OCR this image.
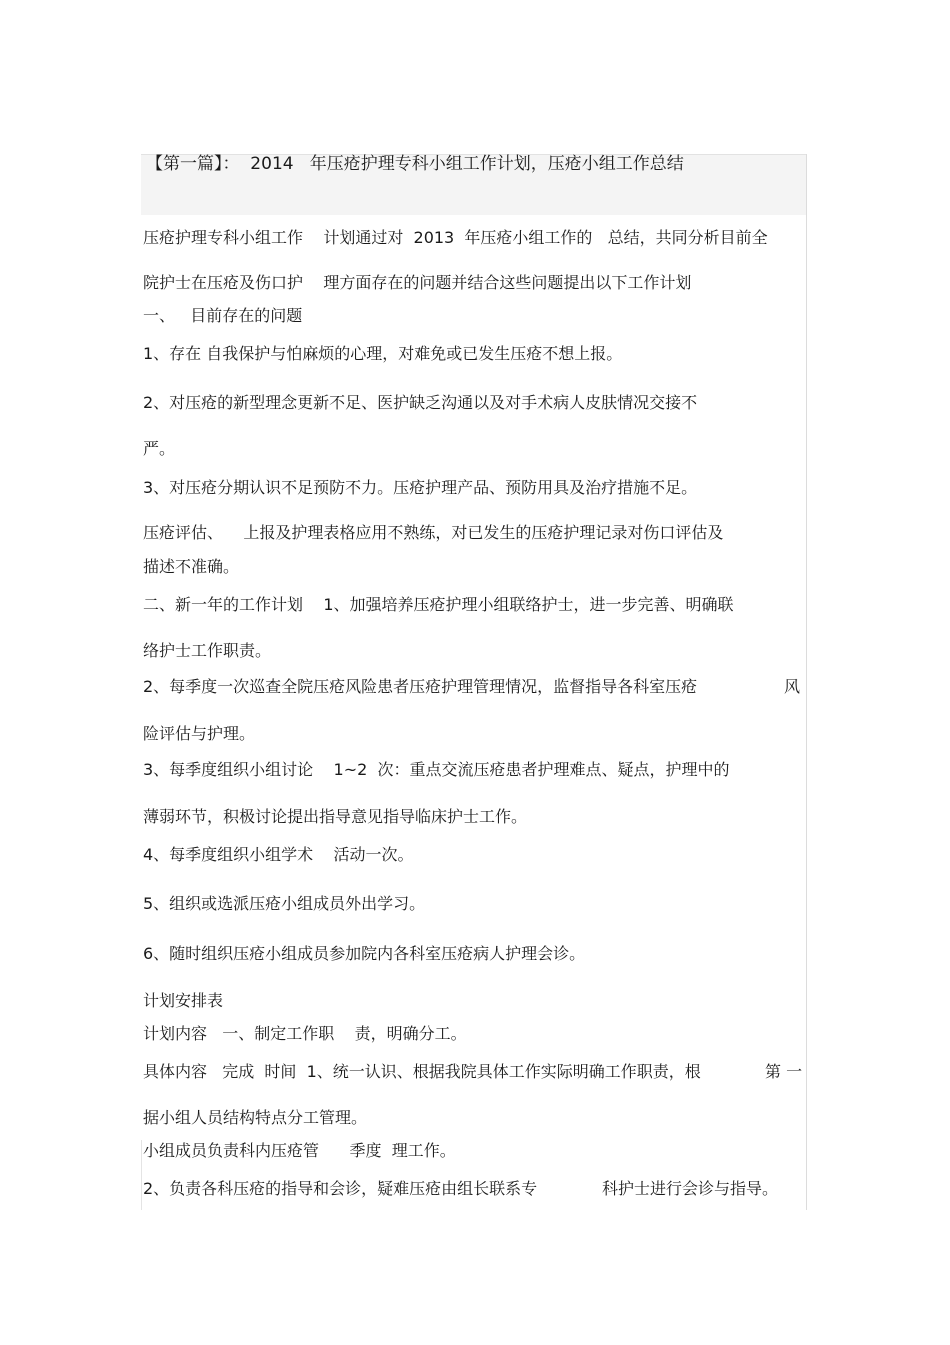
【第一篇】：  2014   年压疮护理专科小组工作计划，压疮小组工作总结
压疮护理专科小组工作    计划通过对  2013  年压疮小组工作的   总结，共同分析目前全
院护士在压疮及伤口护    理方面存在的问题并结合这些问题提出以下工作计划
一、   目前存在的问题
1、存在 自我保护与怕麻烦的心理，对难免或已发生压疮不想上报。
2、对压疮的新型理念更新不足、医护缺乏沟通以及对手术病人皮肤情况交接不
严。
3、对压疮分期认识不足预防不力。压疮护理产品、预防用具及治疗措施不足。
压疮评估、    上报及护理表格应用不熟练，对已发生的压疮护理记录对伤口评估及
描述不准确。
二、新一年的工作计划    1、加强培养压疮护理小组联络护士，进一步完善、明确联
络护士工作职责。
2、每季度一次巡查全院压疮风险患者压疮护理管理情况，监督指导各科室压疮	风
险评估与护理。
3、每季度组织小组讨论    1~2  次：重点交流压疮患者护理难点、疑点，护理中的
薄弱环节，积极讨论提出指导意见指导临床护士工作。
4、每季度组织小组学术    活动一次。
5、组织或选派压疮小组成员外出学习。
6、随时组织压疮小组成员参加院内各科室压疮病人护理会诊。
计划安排表
计划内容   一、制定工作职    责，明确分工。
具体内容   完成  时间  1、统一认识、根据我院具体工作实际明确工作职责，根	第 一
据小组人员结构特点分工管理。
小组成员负责科内压疮管      季度  理工作。
2、负责各科压疮的指导和会诊，疑难压疮由组长联系专	科护士进行会诊与指导。
